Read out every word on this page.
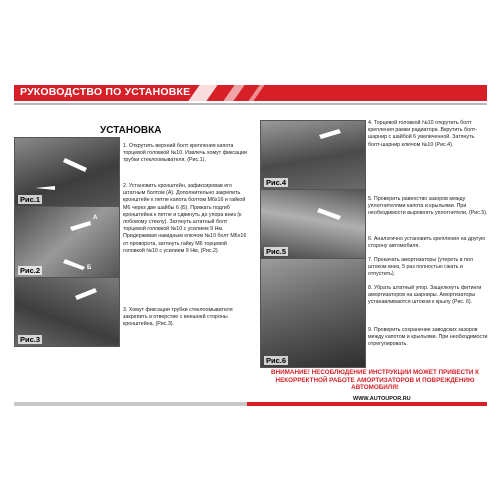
РУКОВОДСТВО ПО УСТАНОВКЕ
УСТАНОВКА
Рис.1
А
Б
Рис.2
Рис.3
1. Открутить верхний болт крепления капота торцевой головкой №10. Извлечь хомут фиксации трубки стеклоомывателя, (Рис.1).
2. Установить кронштейн, зафиксировав его штатным болтом (А). Дополнительно закрепить кронштейн к петле капота болтом М6х16 и гайкой М6 через две шайбы 6 (Б). Прижать подгиб кронштейна к петле и сдвинуть до упора вниз (к лобовому стеклу). Затянуть штатный болт торцевой головкой №10 с усилием 9 Нм. Придерживая накидным ключом №10 болт М6х16 от проворота, затянуть гайку М6 торцевой головкой №10 с усилием 9 Нм, (Рис.2).
3. Хомут фиксации трубки стеклоомывателя закрепить в отверстие с внешней стороны кронштейна, (Рис.3).
Рис.4
Рис.5
Рис.6
4. Торцевой головкой №10 открутить болт крепления рамки радиатора. Вкрутить болт-шарнир с шайбой 6 увеличенной. Затянуть болт-шарнир ключом №10 (Рис.4).
5. Проверить равенство зазоров между уплотнителями капота и крыльями. При необходимости выровнять уплотнители, (Рис.5).
6. Аналогично установить крепления на другую сторону автомобиля.
7. Прокачать амортизаторы (утереть в пол штоком вниз, 5 раз полностью сжать и отпустить).
8. Убрать штатный упор. Защелкнуть фитинги амортизаторов на шарниры. Амортизаторы устанавливаются штоком к крылу (Рис. 6).
9. Проверить сохранение заводских зазоров между капотом и крыльями. При необходимости отрегулировать.
ВНИМАНИЕ! НЕСОБЛЮДЕНИЕ ИНСТРУКЦИИ МОЖЕТ ПРИВЕСТИ К НЕКОРРЕКТНОЙ РАБОТЕ АМОРТИЗАТОРОВ И ПОВРЕЖДЕНИЮ АВТОМОБИЛЯ!
WWW.AUTOUPOR.RU
